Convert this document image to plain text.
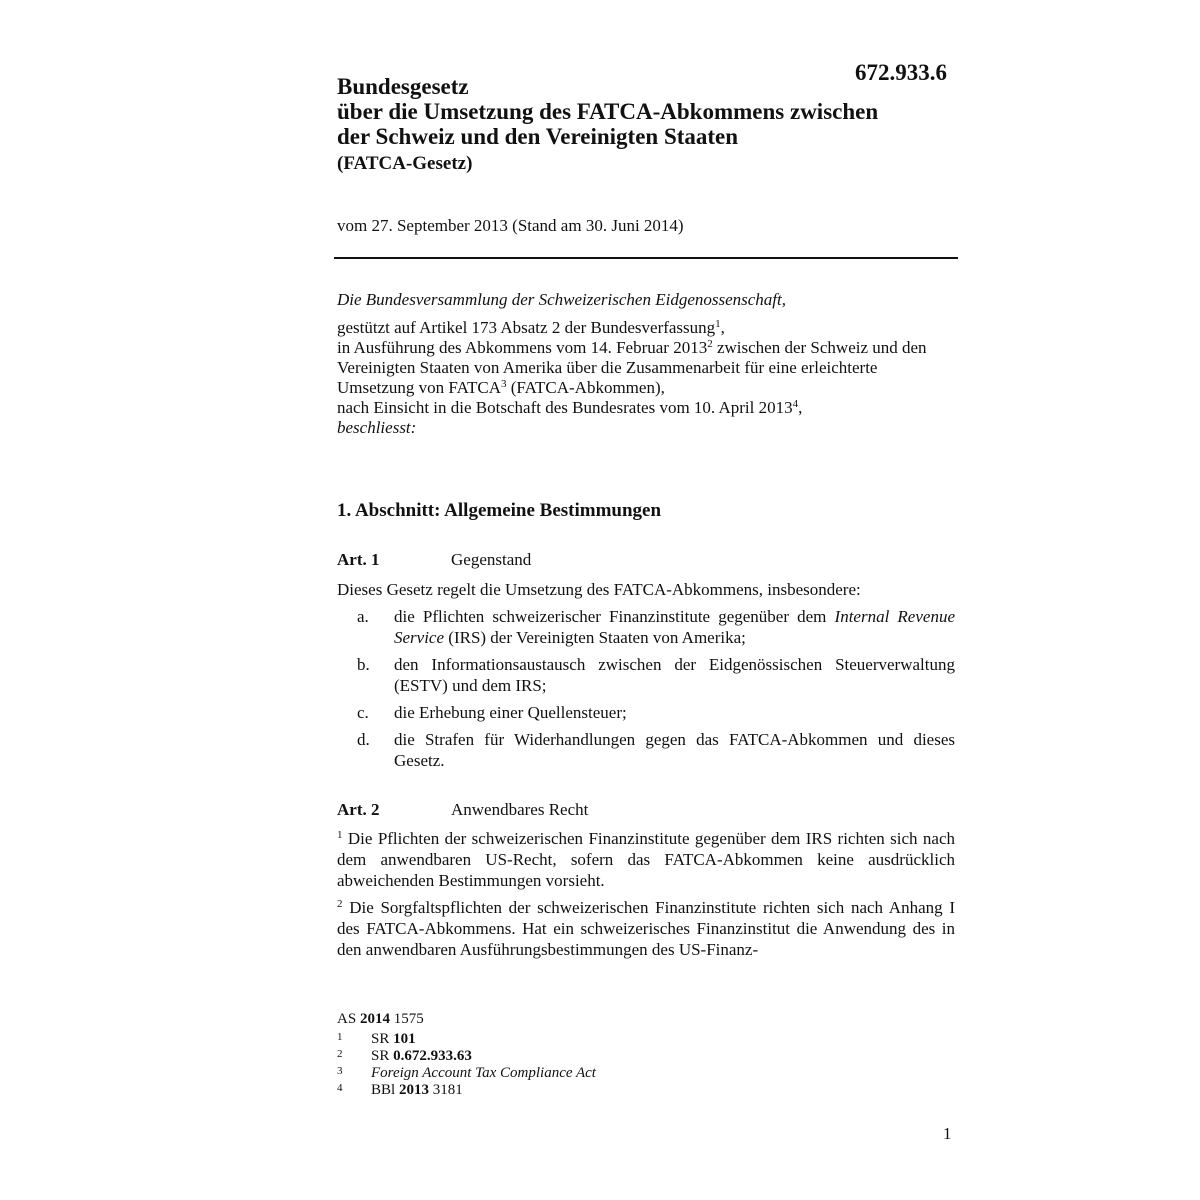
672.933.6
Bundesgesetz
über die Umsetzung des FATCA-Abkommens zwischen
der Schweiz und den Vereinigten Staaten
(FATCA-Gesetz)
vom 27. September 2013 (Stand am 30. Juni 2014)
Die Bundesversammlung der Schweizerischen Eidgenossenschaft,
gestützt auf Artikel 173 Absatz 2 der Bundesverfassung$^1$,
in Ausführung des Abkommens vom 14. Februar 2013$^2$ zwischen der Schweiz und den Vereinigten Staaten von Amerika über die Zusammenarbeit für eine erleichterte Umsetzung von FATCA$^3$ (FATCA-Abkommen),
nach Einsicht in die Botschaft des Bundesrates vom 10. April 2013$^4$,
beschliesst:
1. Abschnitt: Allgemeine Bestimmungen
Art. 1	Gegenstand
Dieses Gesetz regelt die Umsetzung des FATCA-Abkommens, insbesondere:
a.	die Pflichten schweizerischer Finanzinstitute gegenüber dem Internal Revenue Service (IRS) der Vereinigten Staaten von Amerika;
b.	den Informationsaustausch zwischen der Eidgenössischen Steuerverwaltung (ESTV) und dem IRS;
c.	die Erhebung einer Quellensteuer;
d.	die Strafen für Widerhandlungen gegen das FATCA-Abkommen und dieses Gesetz.
Art. 2	Anwendbares Recht
$^1$ Die Pflichten der schweizerischen Finanzinstitute gegenüber dem IRS richten sich nach dem anwendbaren US-Recht, sofern das FATCA-Abkommen keine ausdrücklich abweichenden Bestimmungen vorsieht.
$^2$ Die Sorgfaltspflichten der schweizerischen Finanzinstitute richten sich nach Anhang I des FATCA-Abkommens. Hat ein schweizerisches Finanzinstitut die Anwendung des in den anwendbaren Ausführungsbestimmungen des US-Finanz-
AS 2014 1575
1	SR 101
2	SR 0.672.933.63
3	Foreign Account Tax Compliance Act
4	BBl 2013 3181
1
